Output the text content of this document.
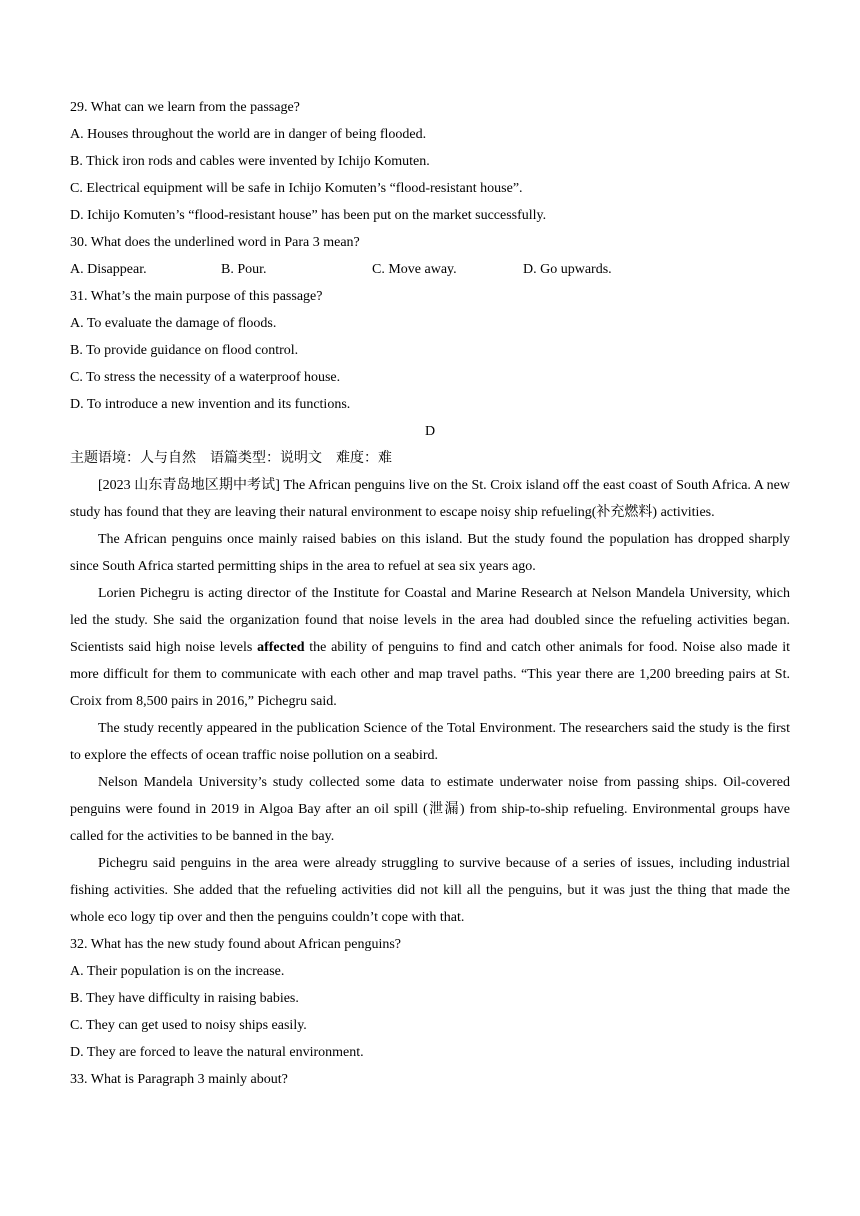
29. What can we learn from the passage?
A. Houses throughout the world are in danger of being flooded.
B. Thick iron rods and cables were invented by Ichijo Komuten.
C. Electrical equipment will be safe in Ichijo Komuten’s “flood-resistant house”.
D. Ichijo Komuten’s “flood-resistant house” has been put on the market successfully.
30. What does the underlined word in Para 3 mean?
A. Disappear.	B. Pour.	C. Move away.	D. Go upwards.
31. What’s the main purpose of this passage?
A. To evaluate the damage of floods.
B. To provide guidance on flood control.
C. To stress the necessity of a waterproof house.
D. To introduce a new invention and its functions.
D
主题语境：人与自然　语篇类型：说明文　难度：难

[2023 山东青岛地区期中考试] The African penguins live on the St. Croix island off the east coast of South Africa. A new study has found that they are leaving their natural environment to escape noisy ship refueling(补充燃料) activities.

The African penguins once mainly raised babies on this island. But the study found the population has dropped sharply since South Africa started permitting ships in the area to refuel at sea six years ago.

Lorien Pichegru is acting director of the Institute for Coastal and Marine Research at Nelson Mandela University, which led the study. She said the organization found that noise levels in the area had doubled since the refueling activities began. Scientists said high noise levels affected the ability of penguins to find and catch other animals for food. Noise also made it more difficult for them to communicate with each other and map travel paths. “This year there are 1,200 breeding pairs at St. Croix from 8,500 pairs in 2016,” Pichegru said.

The study recently appeared in the publication Science of the Total Environment. The researchers said the study is the first to explore the effects of ocean traffic noise pollution on a seabird.

Nelson Mandela University’s study collected some data to estimate underwater noise from passing ships. Oil-covered penguins were found in 2019 in Algoa Bay after an oil spill (泄漏) from ship-to-ship refueling. Environmental groups have called for the activities to be banned in the bay.

Pichegru said penguins in the area were already struggling to survive because of a series of issues, including industrial fishing activities. She added that the refueling activities did not kill all the penguins, but it was just the thing that made the whole eco logy tip over and then the penguins couldn’t cope with that.

32. What has the new study found about African penguins?
A. Their population is on the increase.
B. They have difficulty in raising babies.
C. They can get used to noisy ships easily.
D. They are forced to leave the natural environment.
33. What is Paragraph 3 mainly about?
